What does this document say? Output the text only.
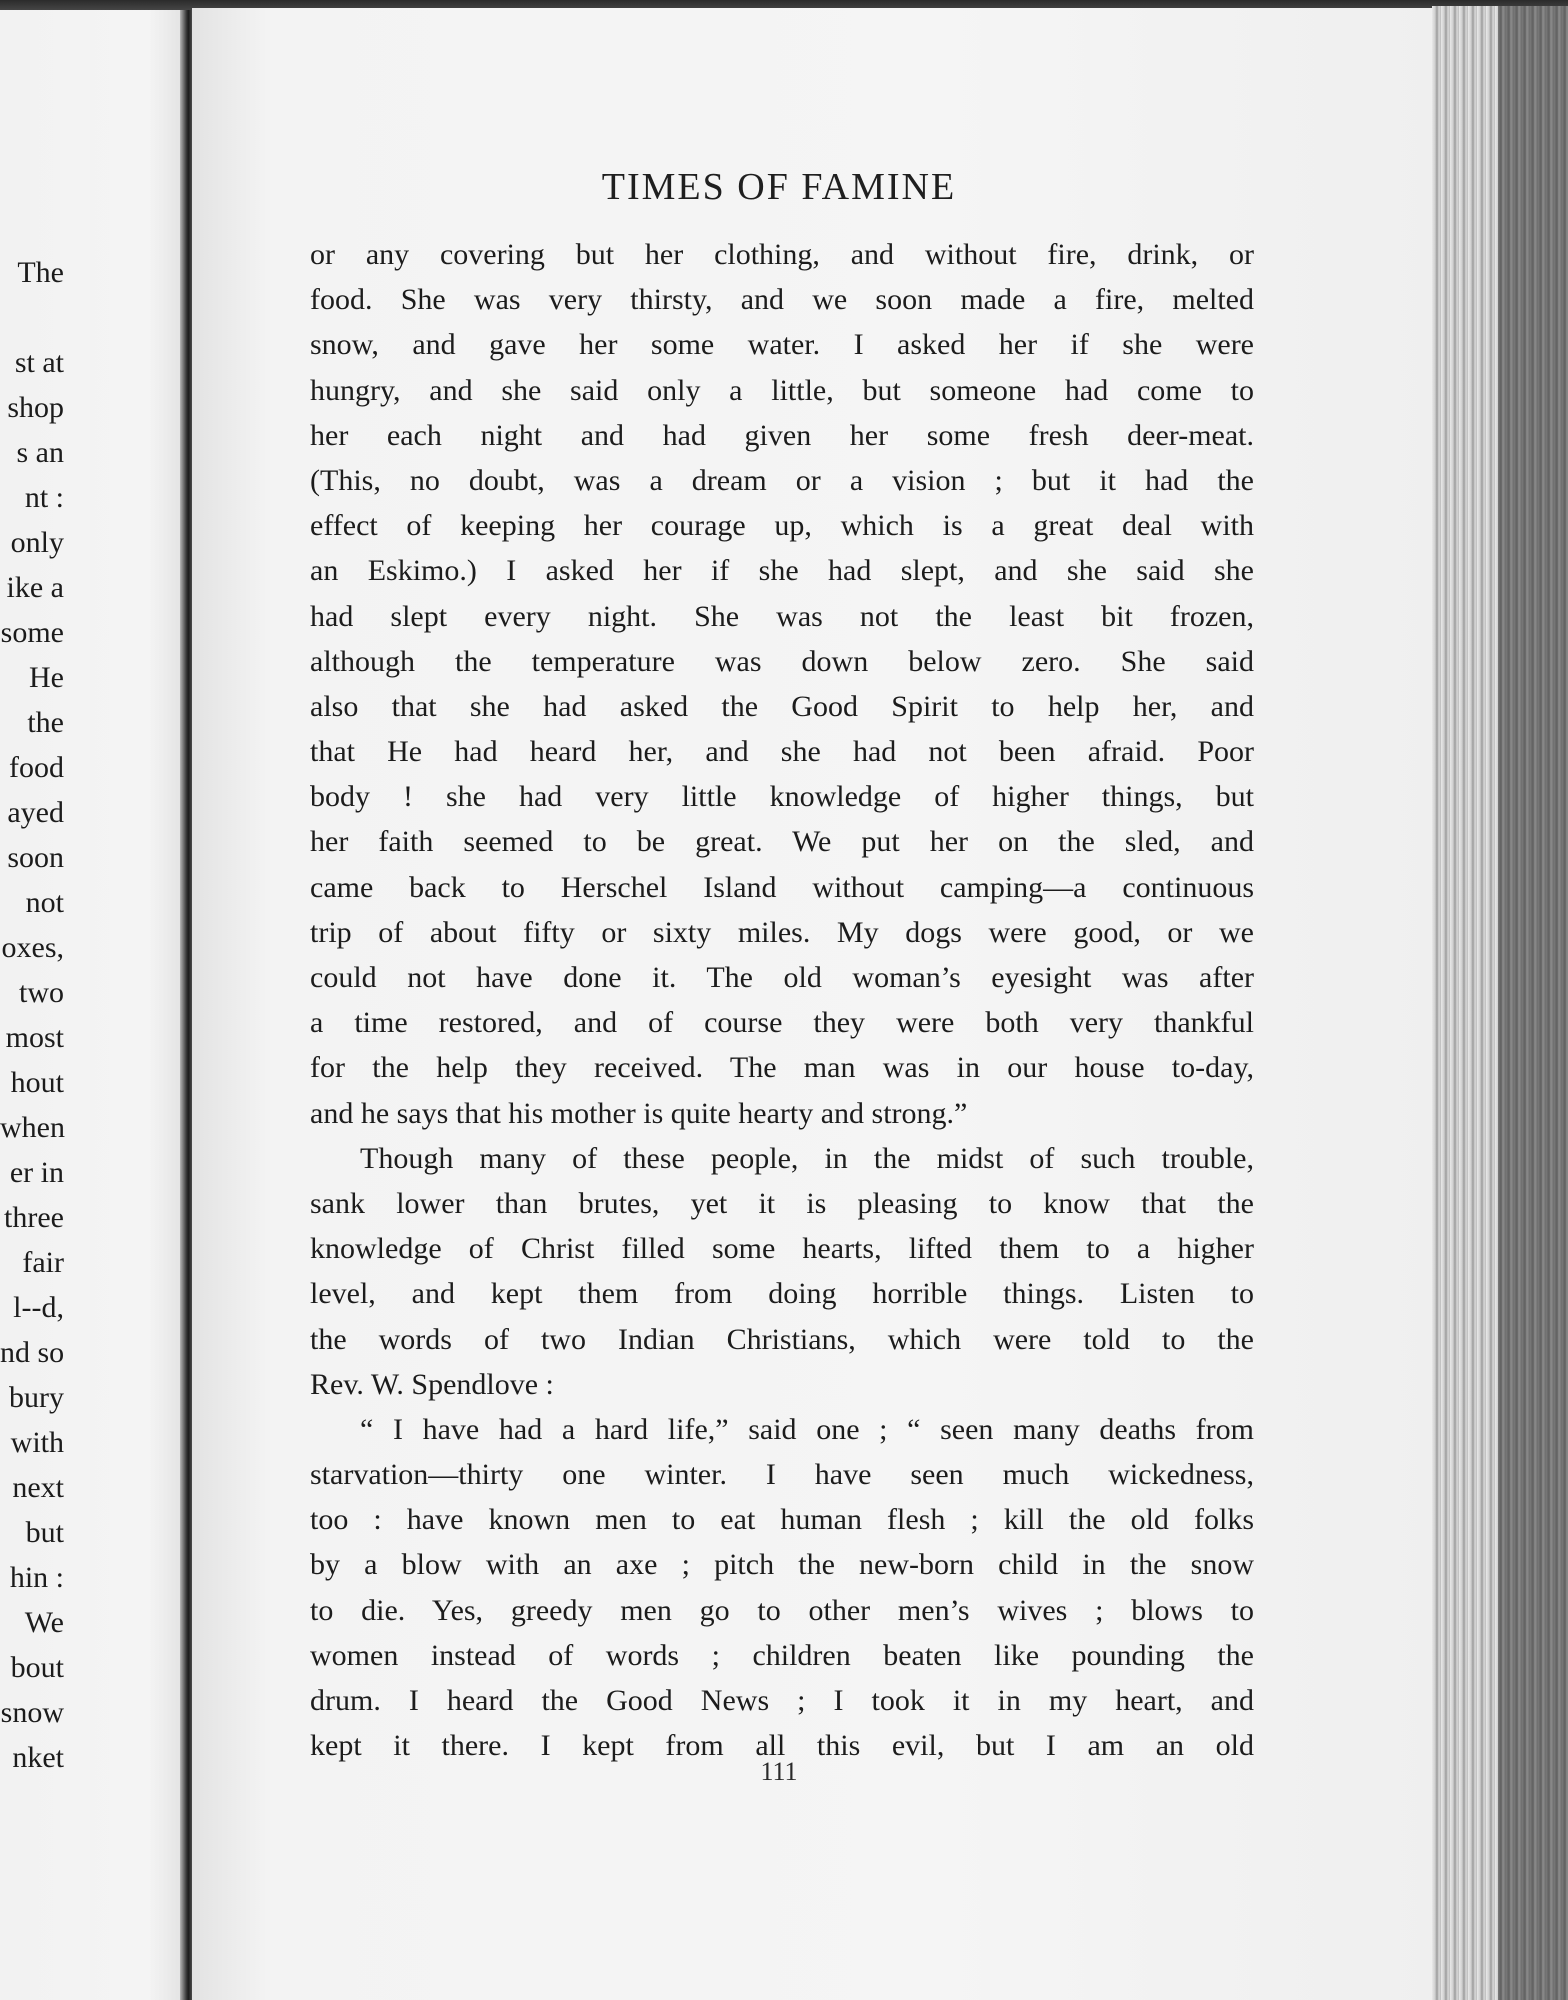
The
st at
shop
s an
nt :
only
ike a
some
He
the
food
ayed
soon
not
oxes,
two
most
hout
when
er in
three
fair
l--d,
nd so
bury
with
next
but
hin :
We
bout
snow
nket
TIMES OF FAMINE
or any covering but her clothing, and without fire, drink, or
food. She was very thirsty, and we soon made a fire, melted
snow, and gave her some water. I asked her if she were
hungry, and she said only a little, but someone had come to
her each night and had given her some fresh deer-meat.
(This, no doubt, was a dream or a vision ; but it had the
effect of keeping her courage up, which is a great deal with
an Eskimo.) I asked her if she had slept, and she said she
had slept every night. She was not the least bit frozen,
although the temperature was down below zero. She said
also that she had asked the Good Spirit to help her, and
that He had heard her, and she had not been afraid. Poor
body ! she had very little knowledge of higher things, but
her faith seemed to be great. We put her on the sled, and
came back to Herschel Island without camping—a continuous
trip of about fifty or sixty miles. My dogs were good, or we
could not have done it. The old woman’s eyesight was after
a time restored, and of course they were both very thankful
for the help they received. The man was in our house to-day,
and he says that his mother is quite hearty and strong.”
Though many of these people, in the midst of such trouble,
sank lower than brutes, yet it is pleasing to know that the
knowledge of Christ filled some hearts, lifted them to a higher
level, and kept them from doing horrible things. Listen to
the words of two Indian Christians, which were told to the
Rev. W. Spendlove :
“ I have had a hard life,” said one ; “ seen many deaths from
starvation—thirty one winter. I have seen much wickedness,
too : have known men to eat human flesh ; kill the old folks
by a blow with an axe ; pitch the new-born child in the snow
to die. Yes, greedy men go to other men’s wives ; blows to
women instead of words ; children beaten like pounding the
drum. I heard the Good News ; I took it in my heart, and
kept it there. I kept from all this evil, but I am an old
111
